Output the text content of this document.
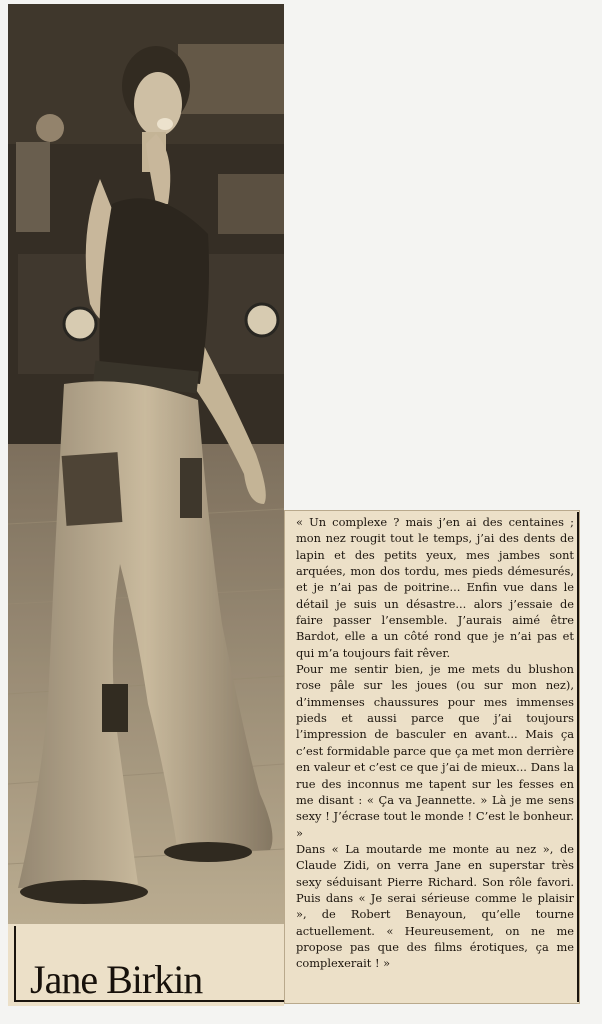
Jane Birkin

« Un complexe ? mais j’en ai des centaines ; mon nez rougit tout le temps, j’ai des dents de lapin et des petits yeux, mes jambes sont arquées, mon dos tordu, mes pieds démesurés, et je n’ai pas de poitrine... Enfin vue dans le détail je suis un désastre... alors j’essaie de faire passer l’ensemble. J’aurais aimé être Bardot, elle a un côté rond que je n’ai pas et qui m’a toujours fait rêver.

Pour me sentir bien, je me mets du blushon rose pâle sur les joues (ou sur mon nez), d’immenses chaussures pour mes immenses pieds et aussi parce que j’ai toujours l’impression de basculer en avant... Mais ça c’est formidable parce que ça met mon derrière en valeur et c’est ce que j’ai de mieux... Dans la rue des inconnus me tapent sur les fesses en me disant : « Ça va Jeannette. » Là je me sens sexy ! J’écrase tout le monde ! C’est le bonheur. »

Dans « La moutarde me monte au nez », de Claude Zidi, on verra Jane en superstar très sexy séduisant Pierre Richard. Son rôle favori. Puis dans « Je serai sérieuse comme le plaisir », de Robert Benayoun, qu’elle tourne actuellement. « Heureusement, on ne me propose pas que des films érotiques, ça me complexerait ! »
